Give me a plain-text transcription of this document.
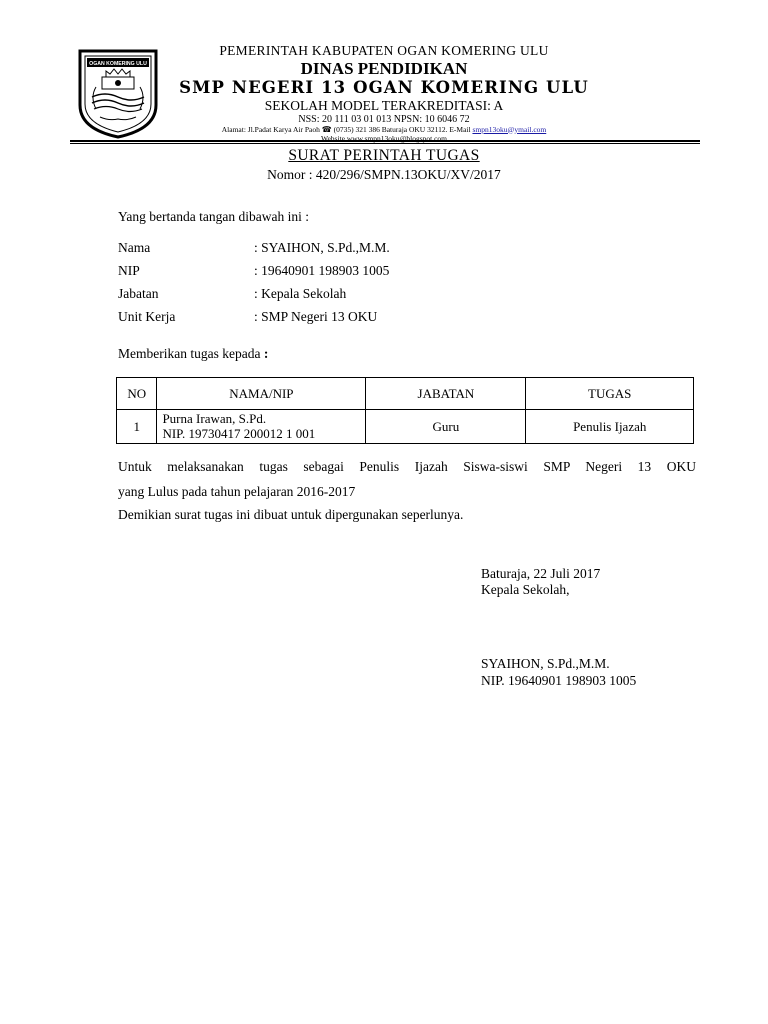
OGAN KOMERING ULU
PEMERINTAH KABUPATEN OGAN KOMERING ULU
DINAS PENDIDIKAN
SMP NEGERI 13 OGAN KOMERING ULU
SEKOLAH MODEL TERAKREDITASI: A
NSS: 20 111 03 01 013 NPSN: 10 6046 72
Alamat: Jl.Padat Karya Air Paoh ☎ (0735) 321 386 Baturaja OKU 32112. E-Mail smpn13oku@ymail.com
Website www.smpn13oku@blogspot.com
SURAT PERINTAH TUGAS
Nomor : 420/296/SMPN.13OKU/XV/2017
Yang bertanda tangan dibawah ini :
Nama	: SYAIHON, S.Pd.,M.M.
NIP	: 19640901 198903 1005
Jabatan	: Kepala Sekolah
Unit Kerja	: SMP Negeri 13 OKU
Memberikan tugas kepada :
NO	NAMA/NIP	JABATAN	TUGAS
1	Purna Irawan, S.Pd.
NIP. 19730417 200012 1 001	Guru	Penulis Ijazah
Untuk melaksanakan tugas sebagai Penulis Ijazah Siswa-siswi SMP Negeri 13 OKU
yang Lulus pada tahun pelajaran 2016-2017
Demikian surat tugas ini dibuat untuk dipergunakan seperlunya.
Baturaja, 22 Juli 2017
Kepala Sekolah,
SYAIHON, S.Pd.,M.M.
NIP. 19640901 198903 1005
